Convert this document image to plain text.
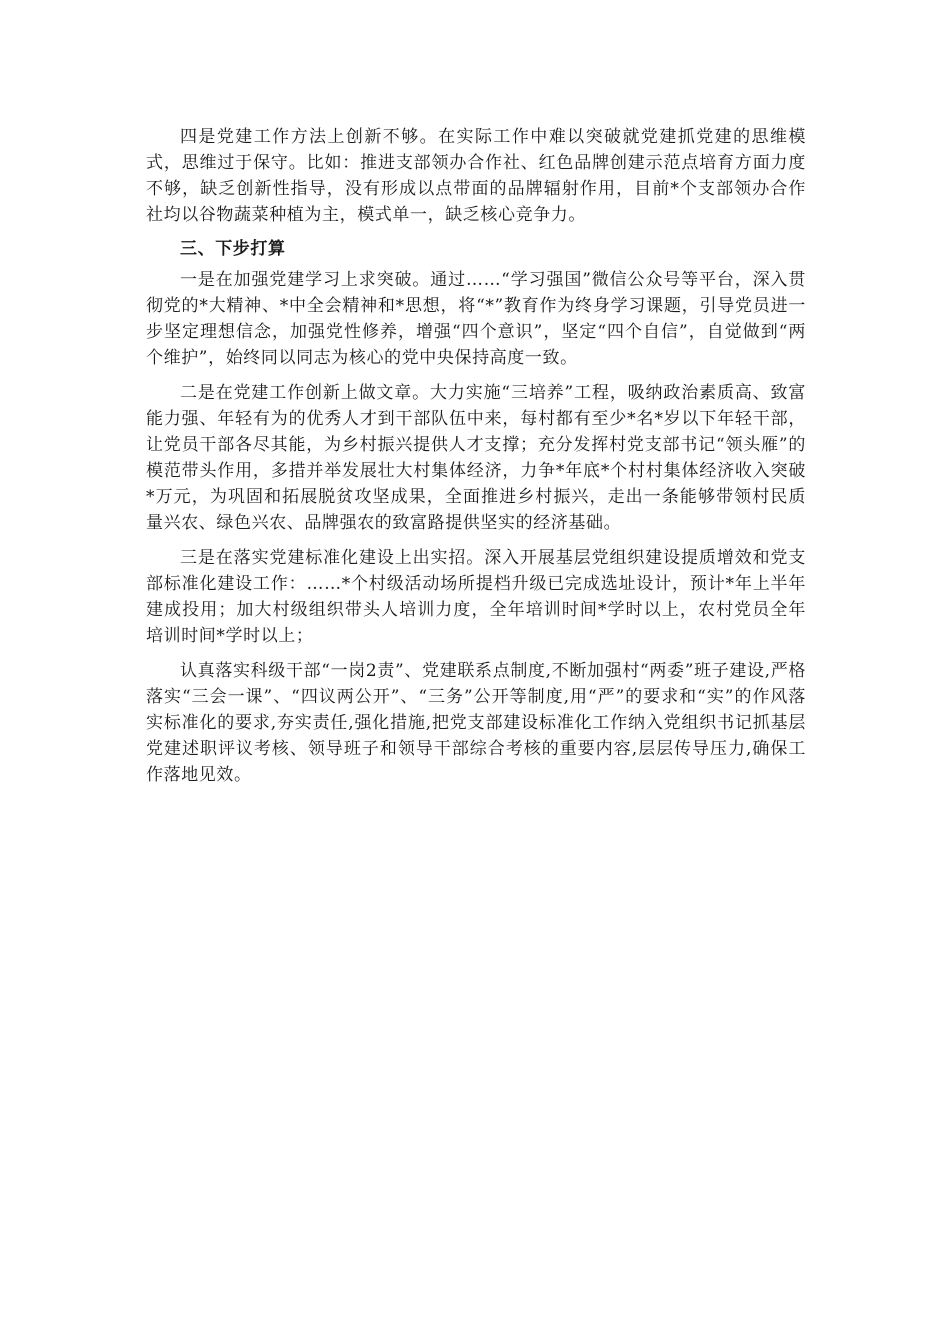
四是党建工作方法上创新不够。在实际工作中难以突破就党建抓党建的思维模式，思维过于保守。比如：推进支部领办合作社、红色品牌创建示范点培育方面力度不够，缺乏创新性指导，没有形成以点带面的品牌辐射作用，目前*个支部领办合作社均以谷物蔬菜种植为主，模式单一，缺乏核心竞争力。

三、下步打算

一是在加强党建学习上求突破。通过……“学习强国”微信公众号等平台，深入贯彻党的*大精神、*中全会精神和*思想，将“*”教育作为终身学习课题，引导党员进一步坚定理想信念，加强党性修养，增强“四个意识”，坚定“四个自信”，自觉做到“两个维护”，始终同以同志为核心的党中央保持高度一致。

二是在党建工作创新上做文章。大力实施“三培养”工程，吸纳政治素质高、致富能力强、年轻有为的优秀人才到干部队伍中来，每村都有至少*名*岁以下年轻干部，让党员干部各尽其能，为乡村振兴提供人才支撑；充分发挥村党支部书记“领头雁”的模范带头作用，多措并举发展壮大村集体经济，力争*年底*个村村集体经济收入突破*万元，为巩固和拓展脱贫攻坚成果，全面推进乡村振兴，走出一条能够带领村民质量兴农、绿色兴农、品牌强农的致富路提供坚实的经济基础。

三是在落实党建标准化建设上出实招。深入开展基层党组织建设提质增效和党支部标准化建设工作：……*个村级活动场所提档升级已完成选址设计，预计*年上半年建成投用；加大村级组织带头人培训力度，全年培训时间*学时以上，农村党员全年培训时间*学时以上；

认真落实科级干部“一岗2责”、党建联系点制度,不断加强村“两委”班子建设,严格落实“三会一课”、“四议两公开”、“三务”公开等制度,用“严”的要求和“实”的作风落实标准化的要求,夯实责任,强化措施,把党支部建设标准化工作纳入党组织书记抓基层党建述职评议考核、领导班子和领导干部综合考核的重要内容,层层传导压力,确保工作落地见效。
